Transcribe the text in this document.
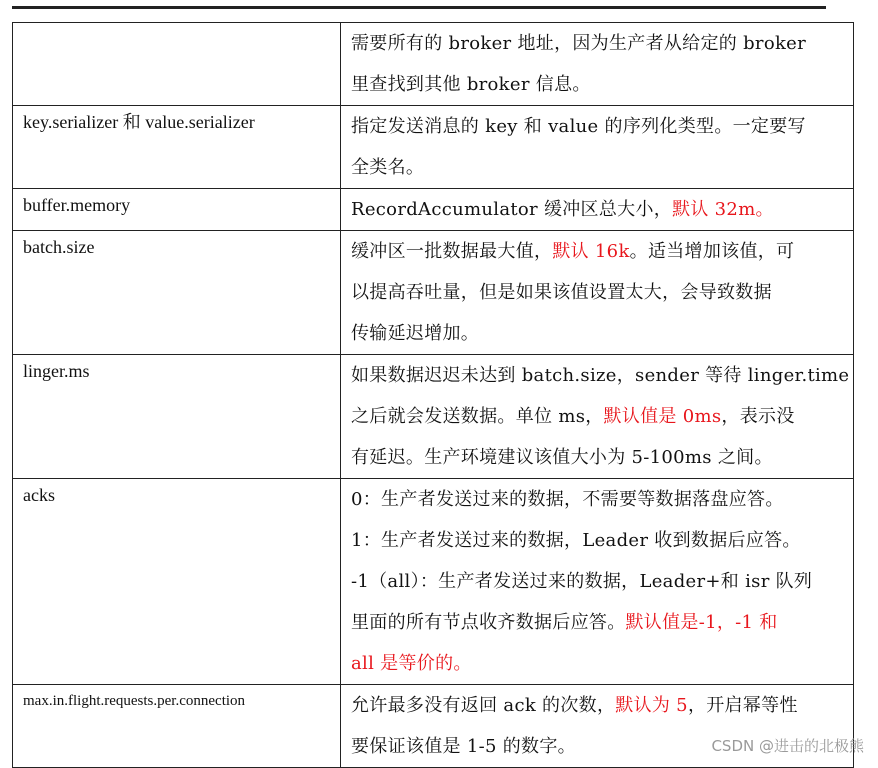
	需要所有的 broker 地址，因为生产者从给定的 broker
里查找到其他 broker 信息。

key.serializer 和 value.serializer	指定发送消息的 key 和 value 的序列化类型。一定要写
全类名。

buffer.memory	RecordAccumulator 缓冲区总大小，默认 32m。

batch.size	缓冲区一批数据最大值，默认 16k。适当增加该值，可
以提高吞吐量，但是如果该值设置太大，会导致数据
传输延迟增加。

linger.ms	如果数据迟迟未达到 batch.size，sender 等待 linger.time
之后就会发送数据。单位 ms，默认值是 0ms，表示没
有延迟。生产环境建议该值大小为 5-100ms 之间。

acks	0：生产者发送过来的数据，不需要等数据落盘应答。
1：生产者发送过来的数据，Leader 收到数据后应答。
-1（all）：生产者发送过来的数据，Leader+和 isr 队列
里面的所有节点收齐数据后应答。默认值是-1，-1 和
all 是等价的。

max.in.flight.requests.per.connection	允许最多没有返回 ack 的次数，默认为 5，开启幂等性
要保证该值是 1-5 的数字。	CSDN @进击的北极熊
